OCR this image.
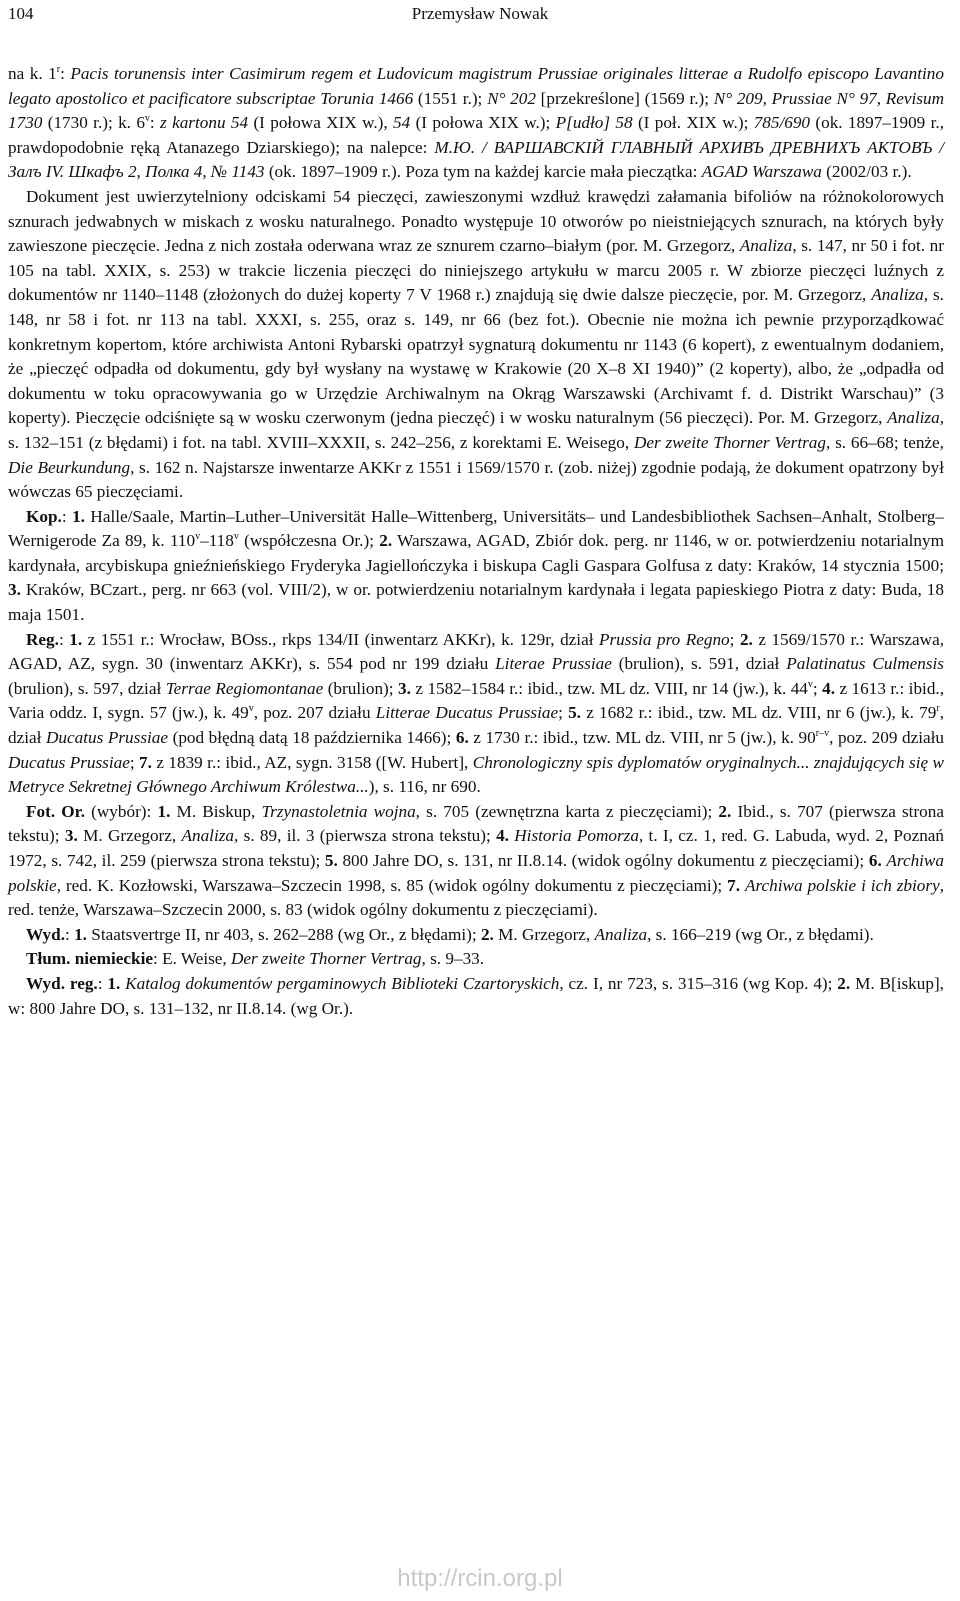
104	Przemysław Nowak

na k. 1$^r$: Pacis torunensis inter Casimirum regem et Ludovicum magistrum Prussiae originales litterae a Rudolfo episcopo Lavantino legato apostolico et pacificatore subscriptae Torunia 1466 (1551 r.); N° 202 [przekreślone] (1569 r.); N° 209, Prussiae N° 97, Revisum 1730 (1730 r.); k. 6$^v$: z kartonu 54 (I połowa XIX w.), 54 (I połowa XIX w.); P[udło] 58 (I poł. XIX w.); 785/690 (ok. 1897–1909 r., prawdopodobnie ręką Atanazego Dziarskiego); na nalepce: M.Ю. / ВАРШАВСКІЙ ГЛАВНЫЙ АРХИВЪ ДРЕВНИХЪ АКТОВЪ / Залъ IV. Шкафъ 2, Полка 4, № 1143 (ok. 1897–1909 r.). Poza tym na każdej karcie mała pieczątka: AGAD Warszawa (2002/03 r.).

Dokument jest uwierzytelniony odciskami 54 pieczęci, zawieszonymi wzdłuż krawędzi załamania bifoliów na różnokolorowych sznurach jedwabnych w miskach z wosku naturalnego. Ponadto występuje 10 otworów po nieistniejących sznurach, na których były zawieszone pieczęcie. Jedna z nich została oderwana wraz ze sznurem czarno–białym (por. M. Grzegorz, Analiza, s. 147, nr 50 i fot. nr 105 na tabl. XXIX, s. 253) w trakcie liczenia pieczęci do niniejszego artykułu w marcu 2005 r. W zbiorze pieczęci luźnych z dokumentów nr 1140–1148 (złożonych do dużej koperty 7 V 1968 r.) znajdują się dwie dalsze pieczęcie, por. M. Grzegorz, Analiza, s. 148, nr 58 i fot. nr 113 na tabl. XXXI, s. 255, oraz s. 149, nr 66 (bez fot.). Obecnie nie można ich pewnie przyporządkować konkretnym kopertom, które archiwista Antoni Rybarski opatrzył sygnaturą dokumentu nr 1143 (6 kopert), z ewentualnym dodaniem, że „pieczęć odpadła od dokumentu, gdy był wysłany na wystawę w Krakowie (20 X–8 XI 1940)” (2 koperty), albo, że „odpadła od dokumentu w toku opracowywania go w Urzędzie Archiwalnym na Okrąg Warszawski (Archivamt f. d. Distrikt Warschau)” (3 koperty). Pieczęcie odciśnięte są w wosku czerwonym (jedna pieczęć) i w wosku naturalnym (56 pieczęci). Por. M. Grzegorz, Analiza, s. 132–151 (z błędami) i fot. na tabl. XVIII–XXXII, s. 242–256, z korektami E. Weisego, Der zweite Thorner Vertrag, s. 66–68; tenże, Die Beurkundung, s. 162 n. Najstarsze inwentarze AKKr z 1551 i 1569/1570 r. (zob. niżej) zgodnie podają, że dokument opatrzony był wówczas 65 pieczęciami.

Kop.: 1. Halle/Saale, Martin–Luther–Universität Halle–Wittenberg, Universitäts– und Landesbibliothek Sachsen–Anhalt, Stolberg–Wernigerode Za 89, k. 110$^v$–118$^v$ (współczesna Or.); 2. Warszawa, AGAD, Zbiór dok. perg. nr 1146, w or. potwierdzeniu notarialnym kardynała, arcybiskupa gnieźnieńskiego Fryderyka Jagiellończyka i biskupa Cagli Gaspara Golfusa z daty: Kraków, 14 stycznia 1500; 3. Kraków, BCzart., perg. nr 663 (vol. VIII/2), w or. potwierdzeniu notarialnym kardynała i legata papieskiego Piotra z daty: Buda, 18 maja 1501.

Reg.: 1. z 1551 r.: Wrocław, BOss., rkps 134/II (inwentarz AKKr), k. 129r, dział Prussia pro Regno; 2. z 1569/1570 r.: Warszawa, AGAD, AZ, sygn. 30 (inwentarz AKKr), s. 554 pod nr 199 działu Literae Prussiae (brulion), s. 591, dział Palatinatus Culmensis (brulion), s. 597, dział Terrae Regiomontanae (brulion); 3. z 1582–1584 r.: ibid., tzw. ML dz. VIII, nr 14 (jw.), k. 44$^v$; 4. z 1613 r.: ibid., Varia oddz. I, sygn. 57 (jw.), k. 49$^v$, poz. 207 działu Litterae Ducatus Prussiae; 5. z 1682 r.: ibid., tzw. ML dz. VIII, nr 6 (jw.), k. 79$^r$, dział Ducatus Prussiae (pod błędną datą 18 października 1466); 6. z 1730 r.: ibid., tzw. ML dz. VIII, nr 5 (jw.), k. 90$^{r-v}$, poz. 209 działu Ducatus Prussiae; 7. z 1839 r.: ibid., AZ, sygn. 3158 ([W. Hubert], Chronologiczny spis dyplomatów oryginalnych... znajdujących się w Metryce Sekretnej Głównego Archiwum Królestwa...), s. 116, nr 690.

Fot. Or. (wybór): 1. M. Biskup, Trzynastoletnia wojna, s. 705 (zewnętrzna karta z pieczęciami); 2. Ibid., s. 707 (pierwsza strona tekstu); 3. M. Grzegorz, Analiza, s. 89, il. 3 (pierwsza strona tekstu); 4. Historia Pomorza, t. I, cz. 1, red. G. Labuda, wyd. 2, Poznań 1972, s. 742, il. 259 (pierwsza strona tekstu); 5. 800 Jahre DO, s. 131, nr II.8.14. (widok ogólny dokumentu z pieczęciami); 6. Archiwa polskie, red. K. Kozłowski, Warszawa–Szczecin 1998, s. 85 (widok ogólny dokumentu z pieczęciami); 7. Archiwa polskie i ich zbiory, red. tenże, Warszawa–Szczecin 2000, s. 83 (widok ogólny dokumentu z pieczęciami).

Wyd.: 1. Staatsvertrge II, nr 403, s. 262–288 (wg Or., z błędami); 2. M. Grzegorz, Analiza, s. 166–219 (wg Or., z błędami).

Tłum. niemieckie: E. Weise, Der zweite Thorner Vertrag, s. 9–33.

Wyd. reg.: 1. Katalog dokumentów pergaminowych Biblioteki Czartoryskich, cz. I, nr 723, s. 315–316 (wg Kop. 4); 2. M. B[iskup], w: 800 Jahre DO, s. 131–132, nr II.8.14. (wg Or.).

http://rcin.org.pl
